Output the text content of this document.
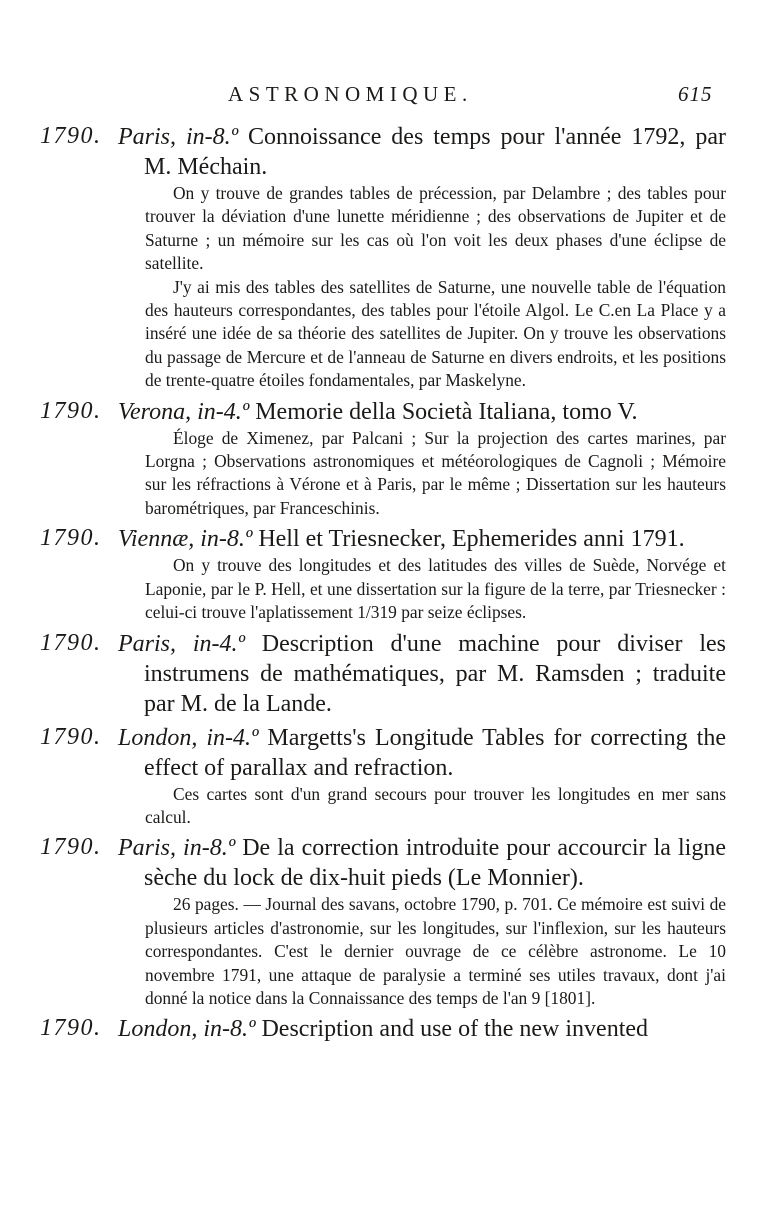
ASTRONOMIQUE.	615
1790. Paris, in-8.º Connoissance des temps pour l'année 1792, par M. Méchain.

On y trouve de grandes tables de précession, par Delambre ; des tables pour trouver la déviation d'une lunette méridienne ; des observations de Jupiter et de Saturne ; un mémoire sur les cas où l'on voit les deux phases d'une éclipse de satellite.

J'y ai mis des tables des satellites de Saturne, une nouvelle table de l'équation des hauteurs correspondantes, des tables pour l'étoile Algol. Le C.en La Place y a inséré une idée de sa théorie des satellites de Jupiter. On y trouve les observations du passage de Mercure et de l'anneau de Saturne en divers endroits, et les positions de trente-quatre étoiles fondamentales, par Maskelyne.

1790. Verona, in-4.º Memorie della Società Italiana, tomo V.

Éloge de Ximenez, par Palcani ; Sur la projection des cartes marines, par Lorgna ; Observations astronomiques et météorologiques de Cagnoli ; Mémoire sur les réfractions à Vérone et à Paris, par le même ; Dissertation sur les hauteurs barométriques, par Franceschinis.

1790. Viennæ, in-8.º Hell et Triesnecker, Ephemerides anni 1791.

On y trouve des longitudes et des latitudes des villes de Suède, Norvége et Laponie, par le P. Hell, et une dissertation sur la figure de la terre, par Triesnecker : celui-ci trouve l'aplatissement 1/319 par seize éclipses.

1790. Paris, in-4.º Description d'une machine pour diviser les instrumens de mathématiques, par M. Ramsden ; traduite par M. de la Lande.
1790. London, in-4.º Margetts's Longitude Tables for correcting the effect of parallax and refraction.

Ces cartes sont d'un grand secours pour trouver les longitudes en mer sans calcul.

1790. Paris, in-8.º De la correction introduite pour accourcir la ligne sèche du lock de dix-huit pieds (Le Monnier).

26 pages. — Journal des savans, octobre 1790, p. 701. Ce mémoire est suivi de plusieurs articles d'astronomie, sur les longitudes, sur l'inflexion, sur les hauteurs correspondantes. C'est le dernier ouvrage de ce célèbre astronome. Le 10 novembre 1791, une attaque de paralysie a terminé ses utiles travaux, dont j'ai donné la notice dans la Connaissance des temps de l'an 9 [1801].

1790. London, in-8.º Description and use of the new invented
